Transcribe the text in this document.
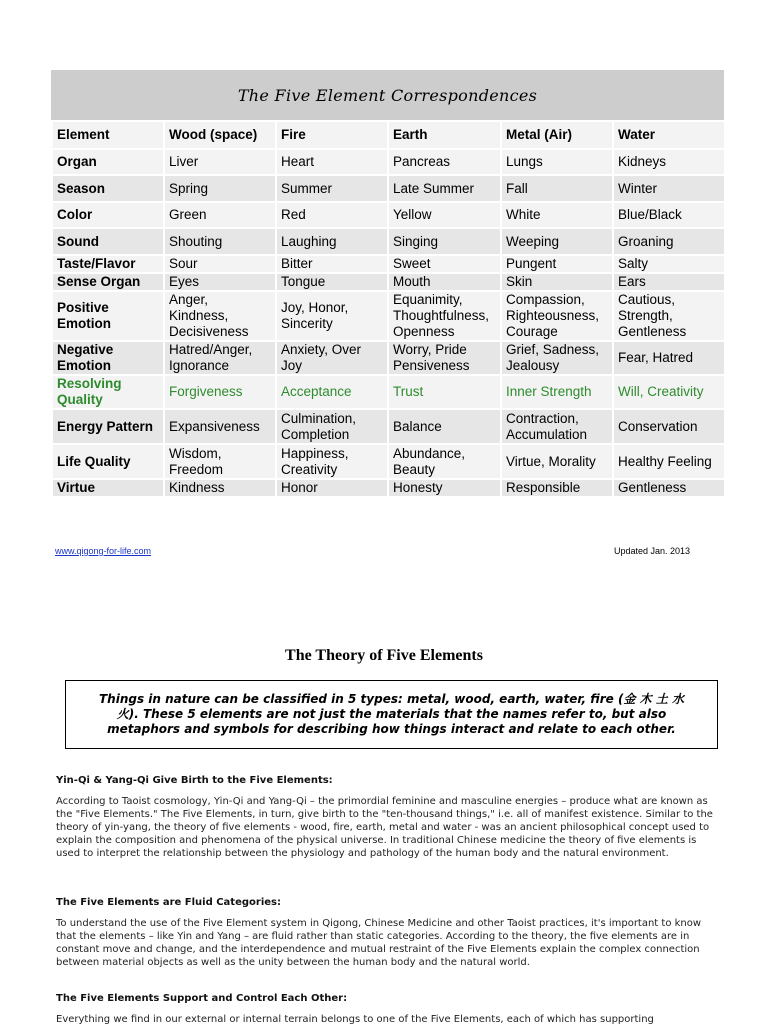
The Five Element Correspondences
Element	Wood (space)	Fire	Earth	Metal (Air)	Water
Organ	Liver	Heart	Pancreas	Lungs	Kidneys
Season	Spring	Summer	Late Summer	Fall	Winter
Color	Green	Red	Yellow	White	Blue/Black
Sound	Shouting	Laughing	Singing	Weeping	Groaning
Taste/Flavor	Sour	Bitter	Sweet	Pungent	Salty
Sense Organ	Eyes	Tongue	Mouth	Skin	Ears
Positive Emotion	Anger, Kindness, Decisiveness	Joy, Honor, Sincerity	Equanimity, Thoughtfulness, Openness	Compassion, Righteousness, Courage	Cautious, Strength, Gentleness
Negative Emotion	Hatred/Anger, Ignorance	Anxiety, Over Joy	Worry, Pride Pensiveness	Grief, Sadness, Jealousy	Fear, Hatred
Resolving Quality	Forgiveness	Acceptance	Trust	Inner Strength	Will, Creativity
Energy Pattern	Expansiveness	Culmination, Completion	Balance	Contraction, Accumulation	Conservation
Life Quality	Wisdom, Freedom	Happiness, Creativity	Abundance, Beauty	Virtue, Morality	Healthy Feeling
Virtue	Kindness	Honor	Honesty	Responsible	Gentleness
www.qigong-for-life.com	Updated Jan. 2013
The Theory of Five Elements
Things in nature can be classified in 5 types: metal, wood, earth, water, fire (金 木 土 水 火). These 5 elements are not just the materials that the names refer to, but also metaphors and symbols for describing how things interact and relate to each other.
Yin-Qi & Yang-Qi Give Birth to the Five Elements:

According to Taoist cosmology, Yin-Qi and Yang-Qi – the primordial feminine and masculine energies – produce what are known as the "Five Elements." The Five Elements, in turn, give birth to the "ten-thousand things," i.e. all of manifest existence. Similar to the theory of yin-yang, the theory of five elements - wood, fire, earth, metal and water - was an ancient philosophical concept used to explain the composition and phenomena of the physical universe. In traditional Chinese medicine the theory of five elements is used to interpret the relationship between the physiology and pathology of the human body and the natural environment.

The Five Elements are Fluid Categories:

To understand the use of the Five Element system in Qigong, Chinese Medicine and other Taoist practices, it's important to know that the elements – like Yin and Yang – are fluid rather than static categories. According to the theory, the five elements are in constant move and change, and the interdependence and mutual restraint of the Five Elements explain the complex connection between material objects as well as the unity between the human body and the natural world.

The Five Elements Support and Control Each Other:

Everything we find in our external or internal terrain belongs to one of the Five Elements, each of which has supporting
